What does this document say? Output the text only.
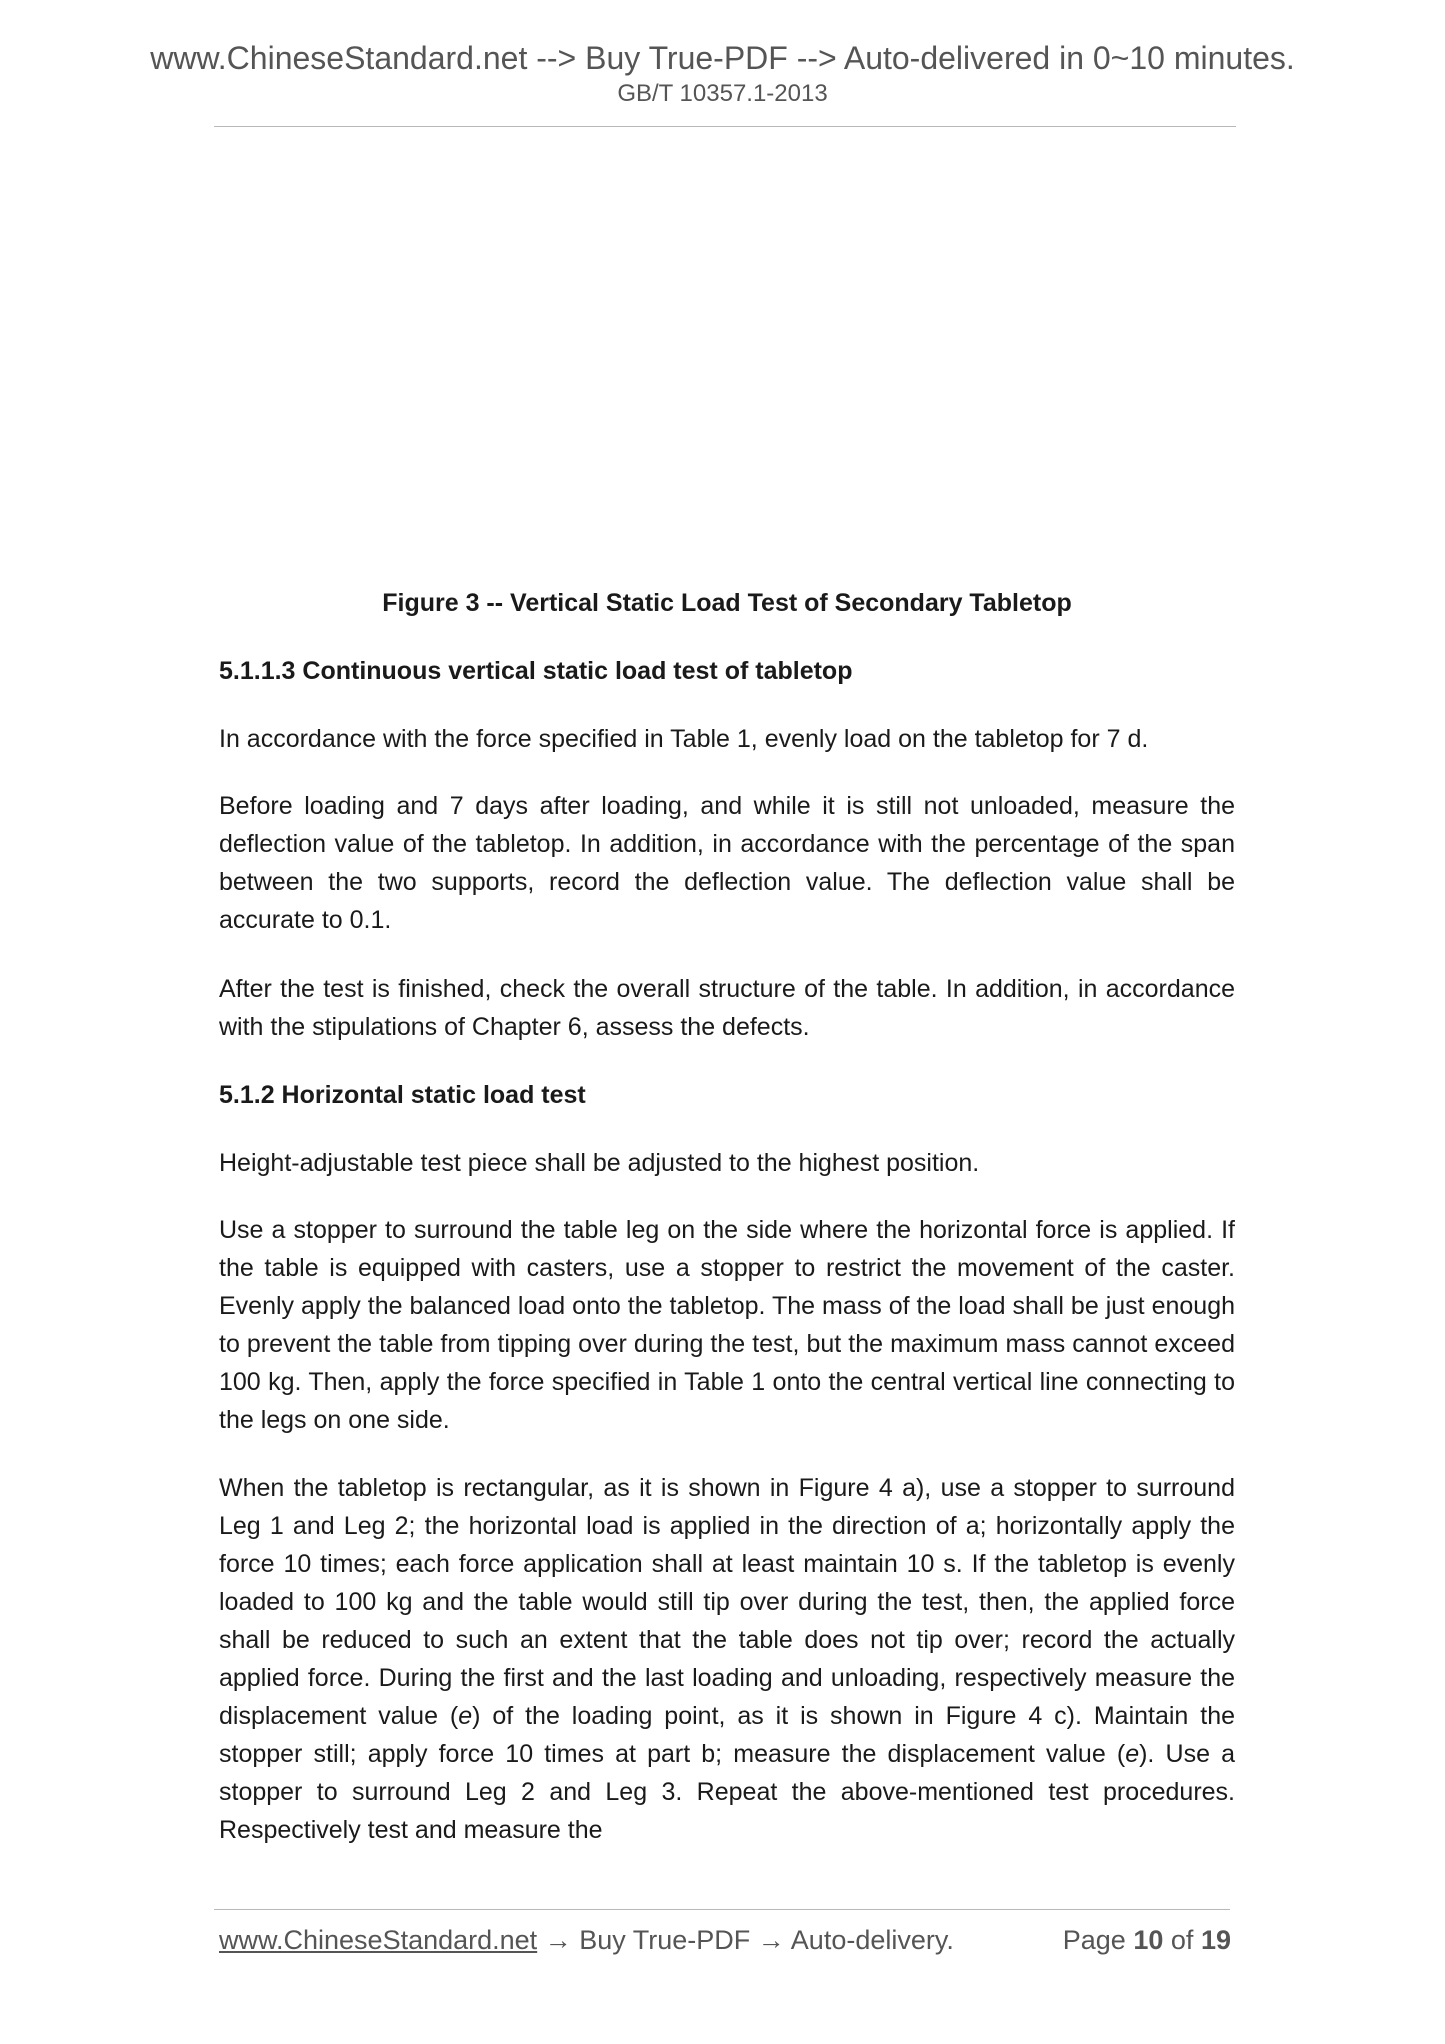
www.ChineseStandard.net --> Buy True-PDF --> Auto-delivered in 0~10 minutes.
GB/T 10357.1-2013
Figure 3 -- Vertical Static Load Test of Secondary Tabletop
5.1.1.3 Continuous vertical static load test of tabletop
In accordance with the force specified in Table 1, evenly load on the tabletop for 7 d.
Before loading and 7 days after loading, and while it is still not unloaded, measure the deflection value of the tabletop. In addition, in accordance with the percentage of the span between the two supports, record the deflection value. The deflection value shall be accurate to 0.1.
After the test is finished, check the overall structure of the table. In addition, in accordance with the stipulations of Chapter 6, assess the defects.
5.1.2 Horizontal static load test
Height-adjustable test piece shall be adjusted to the highest position.
Use a stopper to surround the table leg on the side where the horizontal force is applied. If the table is equipped with casters, use a stopper to restrict the movement of the caster. Evenly apply the balanced load onto the tabletop. The mass of the load shall be just enough to prevent the table from tipping over during the test, but the maximum mass cannot exceed 100 kg. Then, apply the force specified in Table 1 onto the central vertical line connecting to the legs on one side.
When the tabletop is rectangular, as it is shown in Figure 4 a), use a stopper to surround Leg 1 and Leg 2; the horizontal load is applied in the direction of a; horizontally apply the force 10 times; each force application shall at least maintain 10 s. If the tabletop is evenly loaded to 100 kg and the table would still tip over during the test, then, the applied force shall be reduced to such an extent that the table does not tip over; record the actually applied force. During the first and the last loading and unloading, respectively measure the displacement value (e) of the loading point, as it is shown in Figure 4 c). Maintain the stopper still; apply force 10 times at part b; measure the displacement value (e). Use a stopper to surround Leg 2 and Leg 3. Repeat the above-mentioned test procedures. Respectively test and measure the
www.ChineseStandard.net → Buy True-PDF → Auto-delivery.	Page 10 of 19
